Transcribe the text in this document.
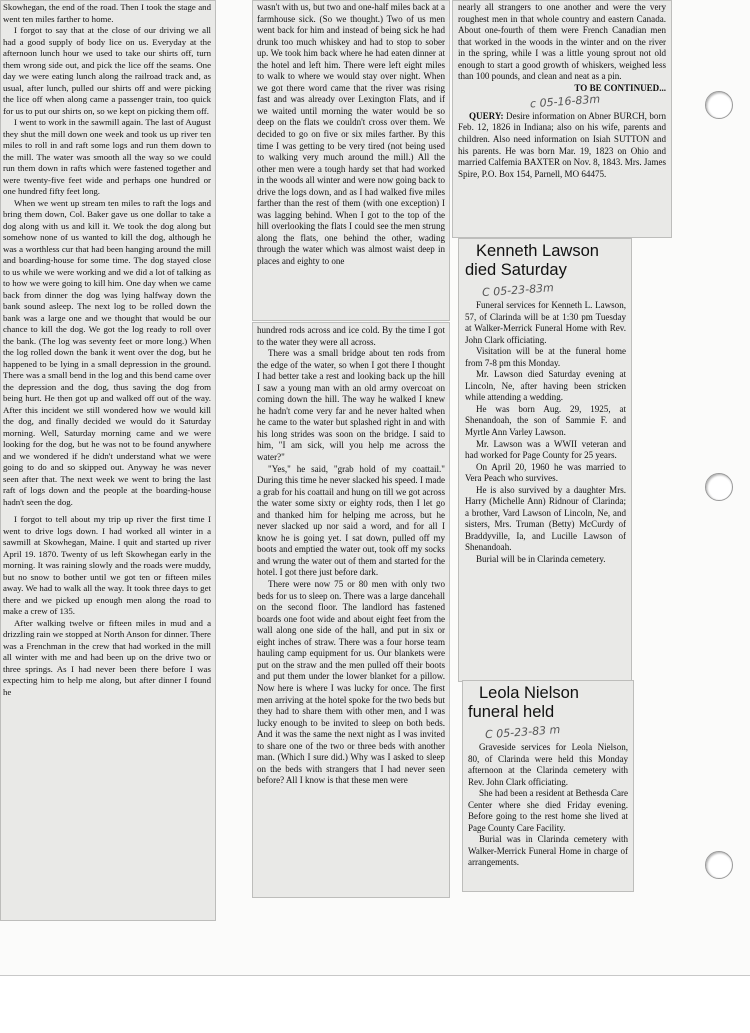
Skowhegan, the end of the road. Then I took the stage and went ten miles farther to home.

I forgot to say that at the close of our driving we all had a good supply of body lice on us. Everyday at the afternoon lunch hour we used to take our shirts off, turn them wrong side out, and pick the lice off the seams. One day we were eating lunch along the railroad track and, as usual, after lunch, pulled our shirts off and were picking the lice off when along came a passenger train, too quick for us to put our shirts on, so we kept on picking them off.

I went to work in the sawmill again. The last of August they shut the mill down one week and took us up river ten miles to roll in and raft some logs and run them down to the mill. The water was smooth all the way so we could run them down in rafts which were fastened together and were twenty-five feet wide and perhaps one hundred or one hundred fifty feet long.

When we went up stream ten miles to raft the logs and bring them down, Col. Baker gave us one dollar to take a dog along with us and kill it. We took the dog along but somehow none of us wanted to kill the dog, although he was a worthless cur that had been hanging around the mill and boarding-house for some time. The dog stayed close to us while we were working and we did a lot of talking as to how we were going to kill him. One day when we came back from dinner the dog was lying halfway down the bank sound asleep. The next log to be rolled down the bank was a large one and we thought that would be our chance to kill the dog. We got the log ready to roll over the bank. (The log was seventy feet or more long.) When the log rolled down the bank it went over the dog, but he happened to be lying in a small depression in the ground. There was a small bend in the log and this bend came over the depression and the dog, thus saving the dog from being hurt. He then got up and walked off out of the way. After this incident we still wondered how we would kill the dog, and finally decided we would do it Saturday morning. Well, Saturday morning came and we were looking for the dog, but he was not to be found anywhere and we wondered if he didn't understand what we were going to do and so skipped out. Anyway he was never seen after that. The next week we went to bring the last raft of logs down and the people at the boarding-house hadn't seen the dog.

I forgot to tell about my trip up river the first time I went to drive logs down. I had worked all winter in a sawmill at Skowhegan, Maine. I quit and started up river April 19. 1870. Twenty of us left Skowhegan early in the morning. It was raining slowly and the roads were muddy, but no snow to bother until we got ten or fifteen miles away. We had to walk all the way. It took three days to get there and we picked up enough men along the road to make a crew of 135.

After walking twelve or fifteen miles in mud and a drizzling rain we stopped at North Anson for dinner. There was a Frenchman in the crew that had worked in the mill all winter with me and had been up on the drive two or three springs. As I had never been there before I was expecting him to help me along, but after dinner I found he

wasn't with us, but two and one-half miles back at a farmhouse sick. (So we thought.) Two of us men went back for him and instead of being sick he had drunk too much whiskey and had to stop to sober up. We took him back where he had eaten dinner at the hotel and left him. There were left eight miles to walk to where we would stay over night. When we got there word came that the river was rising fast and was already over Lexington Flats, and if we waited until morning the water would be so deep on the flats we couldn't cross over them. We decided to go on five or six miles farther. By this time I was getting to be very tired (not being used to walking very much around the mill.) All the other men were a tough hardy set that had worked in the woods all winter and were now going back to drive the logs down, and as I had walked five miles farther than the rest of them (with one exception) I was lagging behind. When I got to the top of the hill overlooking the flats I could see the men strung along the flats, one behind the other, wading through the water which was almost waist deep in places and eighty to one

hundred rods across and ice cold. By the time I got to the water they were all across.

There was a small bridge about ten rods from the edge of the water, so when I got there I thought I had better take a rest and looking back up the hill I saw a young man with an old army overcoat on coming down the hill. The way he walked I knew he hadn't come very far and he never halted when he came to the water but splashed right in and with his long strides was soon on the bridge. I said to him, "I am sick, will you help me across the water?"

"Yes," he said, "grab hold of my coattail." During this time he never slacked his speed. I made a grab for his coattail and hung on till we got across the water some sixty or eighty rods, then I let go and thanked him for helping me across, but he never slacked up nor said a word, and for all I know he is going yet. I sat down, pulled off my boots and emptied the water out, took off my socks and wrung the water out of them and started for the hotel. I got there just before dark.

There were now 75 or 80 men with only two beds for us to sleep on. There was a large dancehall on the second floor. The landlord has fastened boards one foot wide and about eight feet from the wall along one side of the hall, and put in six or eight inches of straw. There was a four horse team hauling camp equipment for us. Our blankets were put on the straw and the men pulled off their boots and put them under the lower blanket for a pillow. Now here is where I was lucky for once. The first men arriving at the hotel spoke for the two beds but they had to share them with other men, and I was lucky enough to be invited to sleep on both beds. And it was the same the next night as I was invited to share one of the two or three beds with another man. (Which I sure did.) Why was I asked to sleep on the beds with strangers that I had never seen before? All I know is that these men were

nearly all strangers to one another and were the very roughest men in that whole country and eastern Canada. About one-fourth of them were French Canadian men that worked in the woods in the winter and on the river in the spring, while I was a little young sprout not old enough to start a good growth of whiskers, weighed less than 100 pounds, and clean and neat as a pin.

TO BE CONTINUED...

c 05-16-83m

QUERY: Desire information on Abner BURCH, born Feb. 12, 1826 in Indiana; also on his wife, parents and children. Also need information on Isiah SUTTON and his parents. He was born Mar. 19, 1823 on Ohio and married Calfemia BAXTER on Nov. 8, 1843. Mrs. James Spire, P.O. Box 154, Parnell, MO 64475.

Kenneth Lawson
died SaturdayC 05-23-83m

Funeral services for Kenneth L. Lawson, 57, of Clarinda will be at 1:30 pm Tuesday at Walker-Merrick Funeral Home with Rev. John Clark officiating.

Visitation will be at the funeral home from 7-8 pm this Monday.

Mr. Lawson died Saturday evening at Lincoln, Ne, after having been stricken while attending a wedding.

He was born Aug. 29, 1925, at Shenandoah, the son of Sammie F. and Myrtle Ann Varley Lawson.

Mr. Lawson was a WWII veteran and had worked for Page County for 25 years.

On April 20, 1960 he was married to Vera Peach who survives.

He is also survived by a daughter Mrs. Harry (Michelle Ann) Ridnour of Clarinda; a brother, Vard Lawson of Lincoln, Ne, and sisters, Mrs. Truman (Betty) McCurdy of Braddyville, Ia, and Lucille Lawson of Shenandoah.

Burial will be in Clarinda cemetery.

Leola Nielson
funeral heldC 05-23-83 m

Graveside services for Leola Nielson, 80, of Clarinda were held this Monday afternoon at the Clarinda cemetery with Rev. John Clark officiating.

She had been a resident at Bethesda Care Center where she died Friday evening. Before going to the rest home she lived at Page County Care Facility.

Burial was in Clarinda cemetery with Walker-Merrick Funeral Home in charge of arrangements.
